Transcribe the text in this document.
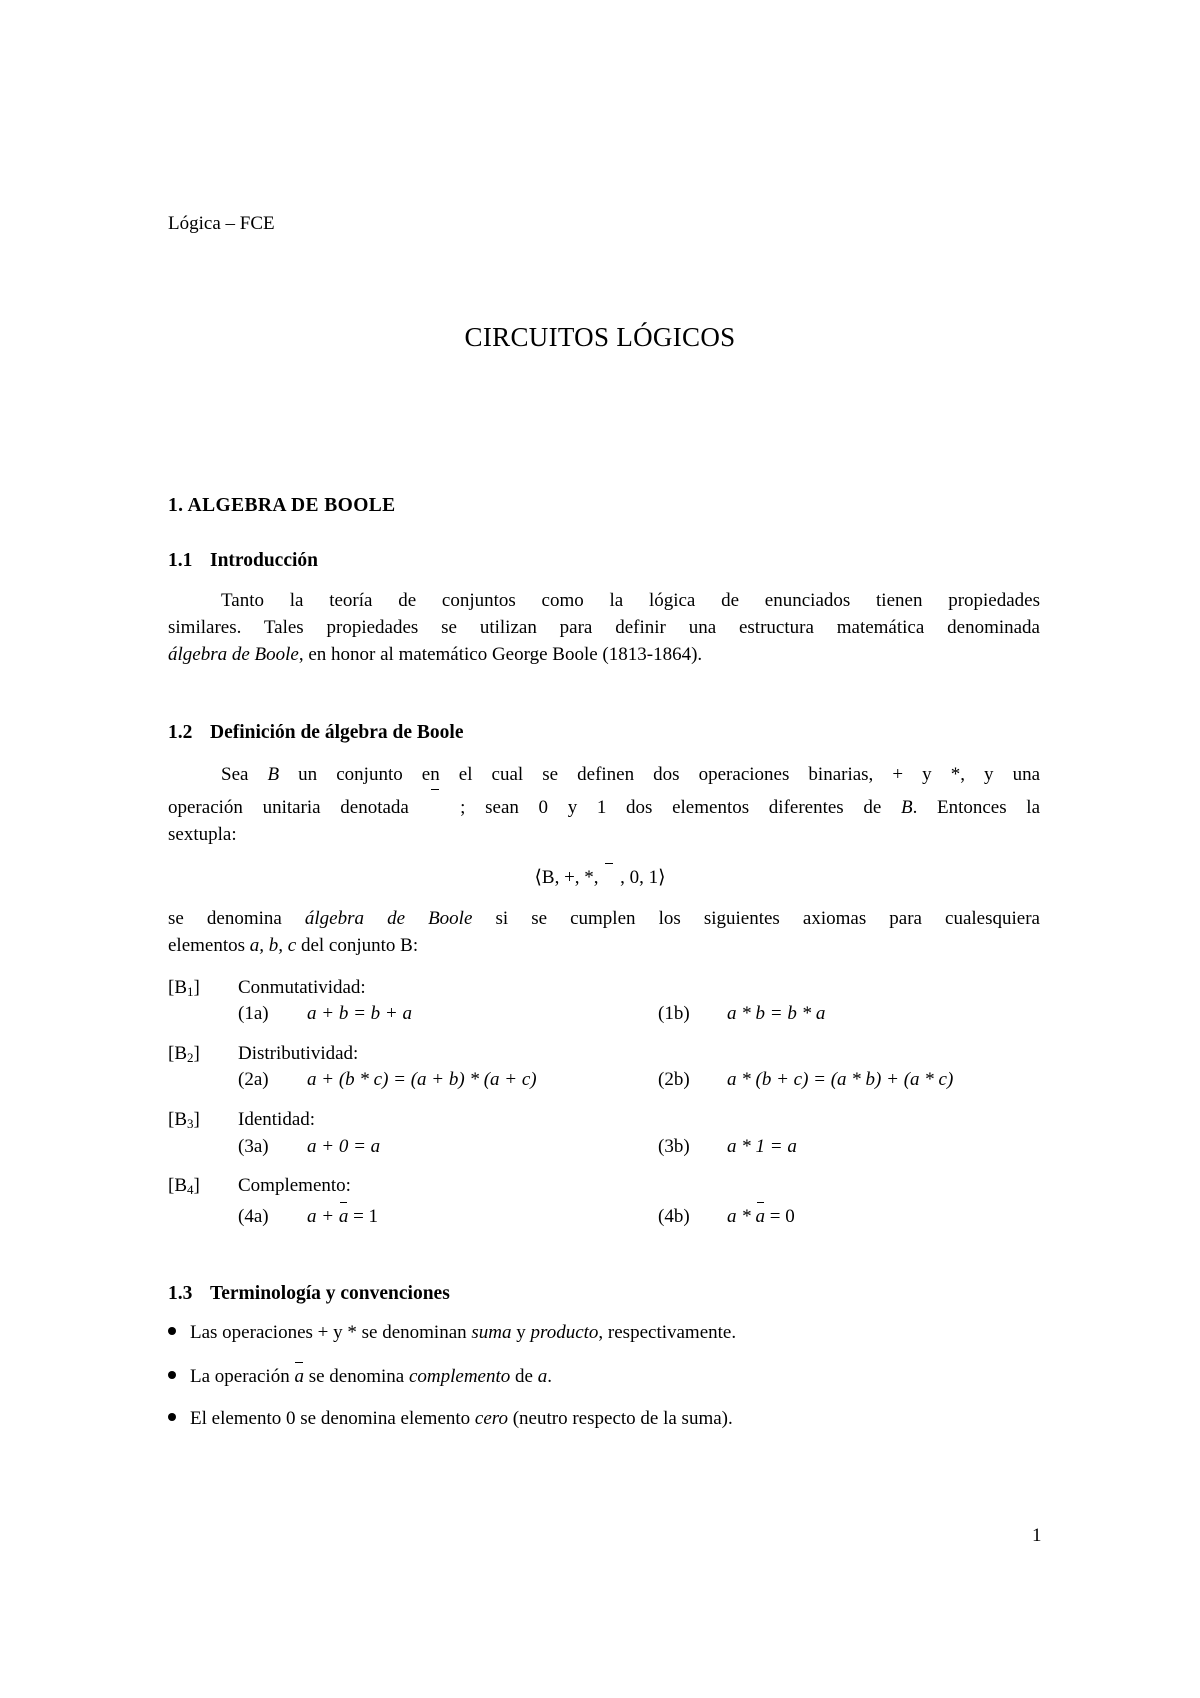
Lógica – FCE
CIRCUITOS LÓGICOS
1. ALGEBRA DE BOOLE
1.1 Introducción
Tanto la teoría de conjuntos como la lógica de enunciados tienen propiedades
similares. Tales propiedades se utilizan para definir una estructura matemática denominada
álgebra de Boole, en honor al matemático George Boole (1813-1864).
1.2 Definición de álgebra de Boole
Sea B un conjunto en el cual se definen dos operaciones binarias, + y *, y una
operación unitaria denotada  ; sean 0 y 1 dos elementos diferentes de B. Entonces la
sextupla:
⟨B, +, *,  , 0, 1⟩
se denomina álgebra de Boole si se cumplen los siguientes axiomas para cualesquiera
elementos a, b, c del conjunto B:
$[B_1]$ Conmutatividad:
(1a) a + b = b + a	(1b) a * b = b * a
$[B_2]$ Distributividad:
(2a) a + (b * c) = (a + b) * (a + c)	(2b) a * (b + c) = (a * b) + (a * c)
$[B_3]$ Identidad:
(3a) a + 0 = a	(3b) a * 1 = a
$[B_4]$ Complemento:
(4a) a + a = 1	(4b) a * a = 0
1.3 Terminología y convenciones
Las operaciones + y * se denominan suma y producto, respectivamente.
La operación a se denomina complemento de a.
El elemento 0 se denomina elemento cero (neutro respecto de la suma).
1
